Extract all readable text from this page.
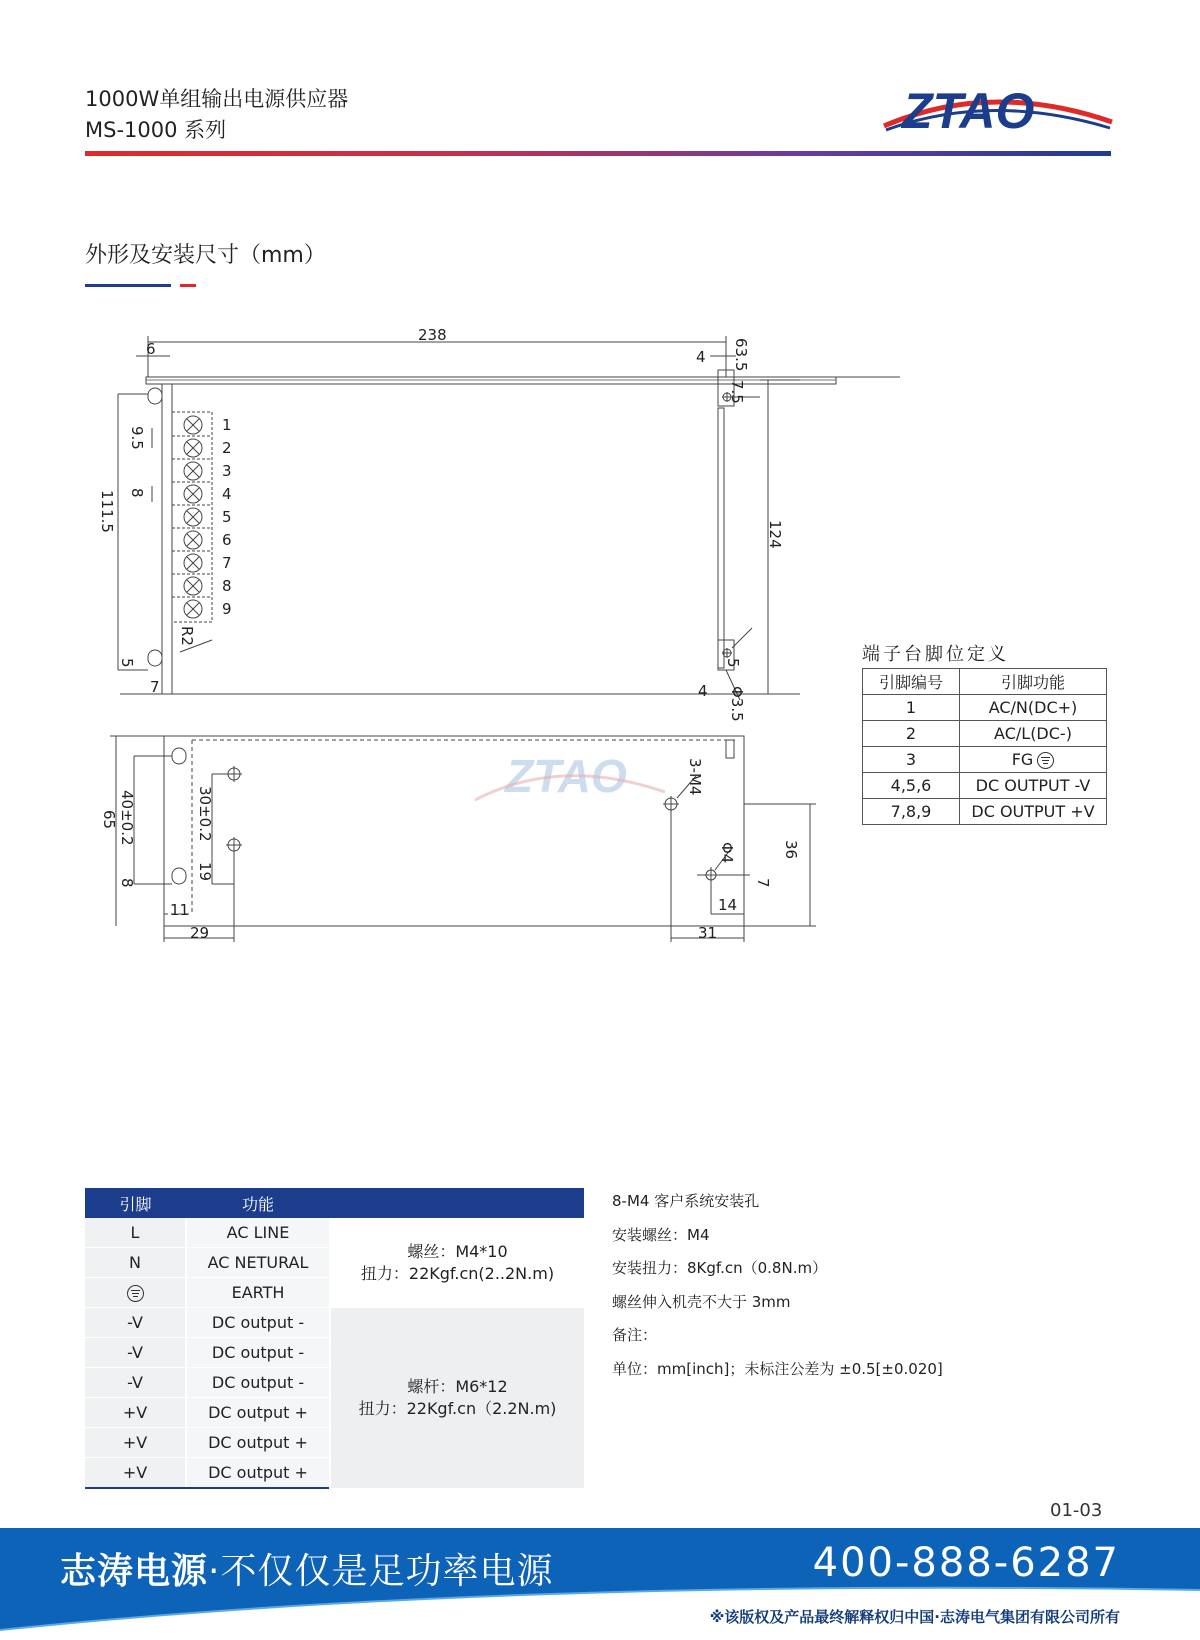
1000W单组输出电源供应器
MS-1000 系列	ZTAO
外形及安装尺寸（mm）
1
2
3
4
5
6
7
8
9
238
6	4 63.5
7.5
124
111.5
9.5
8
R2
5
7
5
4 Φ3.5
65 40±0.2
8
30±0.2
19
11
29
3-M4
36
Φ4
7
14
31
ZTAO
端子台脚位定义
引脚编号	引脚功能
1	AC/N(DC+)
2	AC/L(DC-)
3	FG

4,5,6	DC OUTPUT -V
7,8,9	DC OUTPUT +V
引脚	功能	
L	AC LINE	螺丝：M4*10
扭力：22Kgf.cn(2..2N.m)

N	AC NETURAL	

	EARTH	
-V	DC output -	螺杆：M6*12
扭力：22Kgf.cn（2.2N.m)

-V	DC output -	
-V	DC output -	
+V	DC output +	
+V	DC output +	
+V	DC output +	
8-M4 客户系统安装孔
安装螺丝：M4
安装扭力：8Kgf.cn（0.8N.m）
螺丝伸入机壳不大于 3mm
备注：
单位：mm[inch]；未标注公差为 ±0.5[±0.020]
01-03
志涛电源·不仅仅是足功率电源	400-888-6287
※该版权及产品最终解释权归中国·志涛电气集团有限公司所有
